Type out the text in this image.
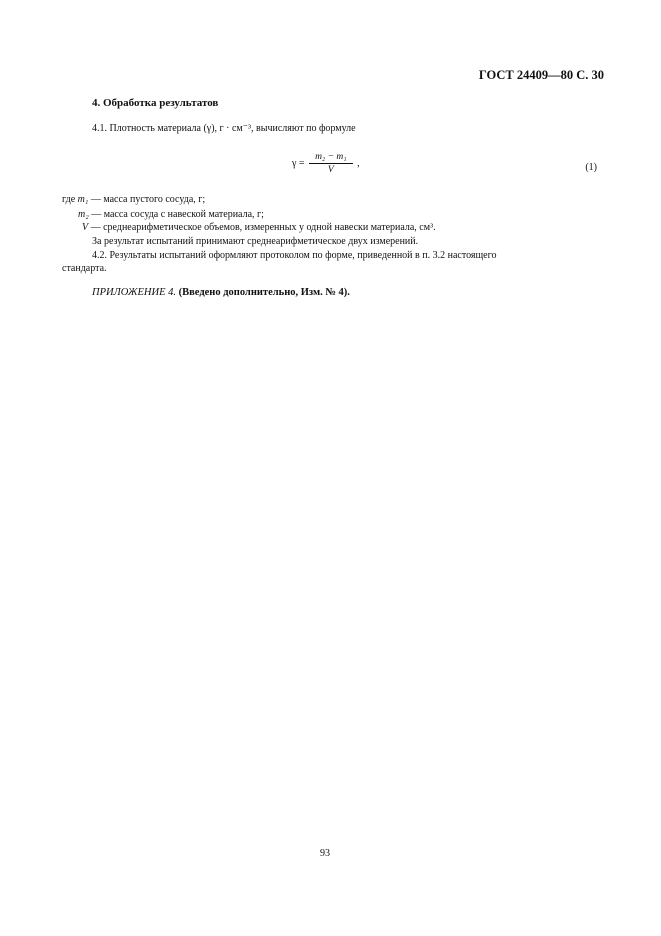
ГОСТ 24409—80 С. 30
4. Обработка результатов
4.1. Плотность материала (γ), г · см⁻³, вычисляют по формуле
$\gamma = \frac{\text{m₂ − m₁}}{V}$ ,	(1)
где m₁ — масса пустого сосуда, г;
m₂ — масса сосуда с навеской материала, г;
V — среднеарифметическое объемов, измеренных у одной навески материала, см³.
За результат испытаний принимают среднеарифметическое двух измерений.
4.2. Результаты испытаний оформляют протоколом по форме, приведенной в п. 3.2 настоящего
стандарта.
ПРИЛОЖЕНИЕ 4. (Введено дополнительно, Изм. № 4).
93
